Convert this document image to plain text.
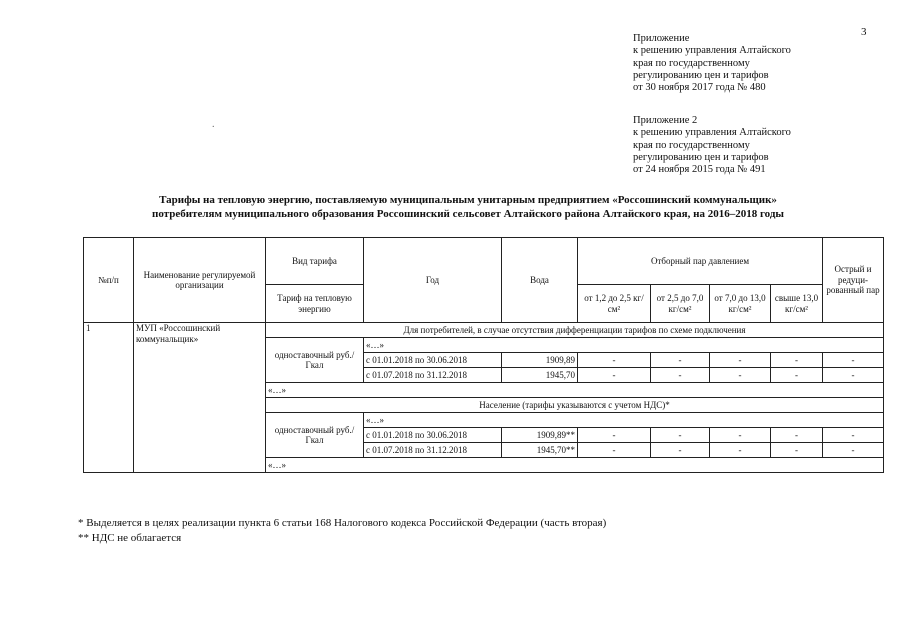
3
Приложение
к решению управления Алтайского
края по государственному
регулированию цен и тарифов
от 30 ноября 2017 года № 480
Приложение 2
к решению управления Алтайского
края по государственному
регулированию цен и тарифов
от 24 ноября 2015 года № 491
.
Тарифы на тепловую энергию, поставляемую муниципальным унитарным предприятием «Россошинский коммунальщик»
потребителям муниципального образования Россошинский сельсовет Алтайского района Алтайского края, на 2016–2018 годы
№п/п	Наименование регулируемой организации	Вид тарифа	Год	Вода	Отборный пар давлением				Острый и редуци-рованный пар
		Тариф на тепловую энергию			от 1,2 до 2,5 кг/см²	от 2,5 до 7,0 кг/см²	от 7,0 до 13,0 кг/см²	свыше 13,0 кг/см²	
1	МУП «Россошинский коммунальщик»	Для потребителей, в случае отсутствия дифференциации тарифов по схеме подключения							
		одноставочный руб./Гкал	«…»						
			с 01.01.2018 по 30.06.2018	1909,89	-	-	-	-	-
			с 01.07.2018 по 31.12.2018	1945,70	-	-	-	-	-
		«…»							
		Население (тарифы указываются с учетом НДС)*							
		одноставочный руб./Гкал	«…»						
			с 01.01.2018 по 30.06.2018	1909,89**	-	-	-	-	-
			с 01.07.2018 по 31.12.2018	1945,70**	-	-	-	-	-
		«…»							
* Выделяется в целях реализации пункта 6 статьи 168 Налогового кодекса Российской Федерации (часть вторая)
** НДС не облагается
